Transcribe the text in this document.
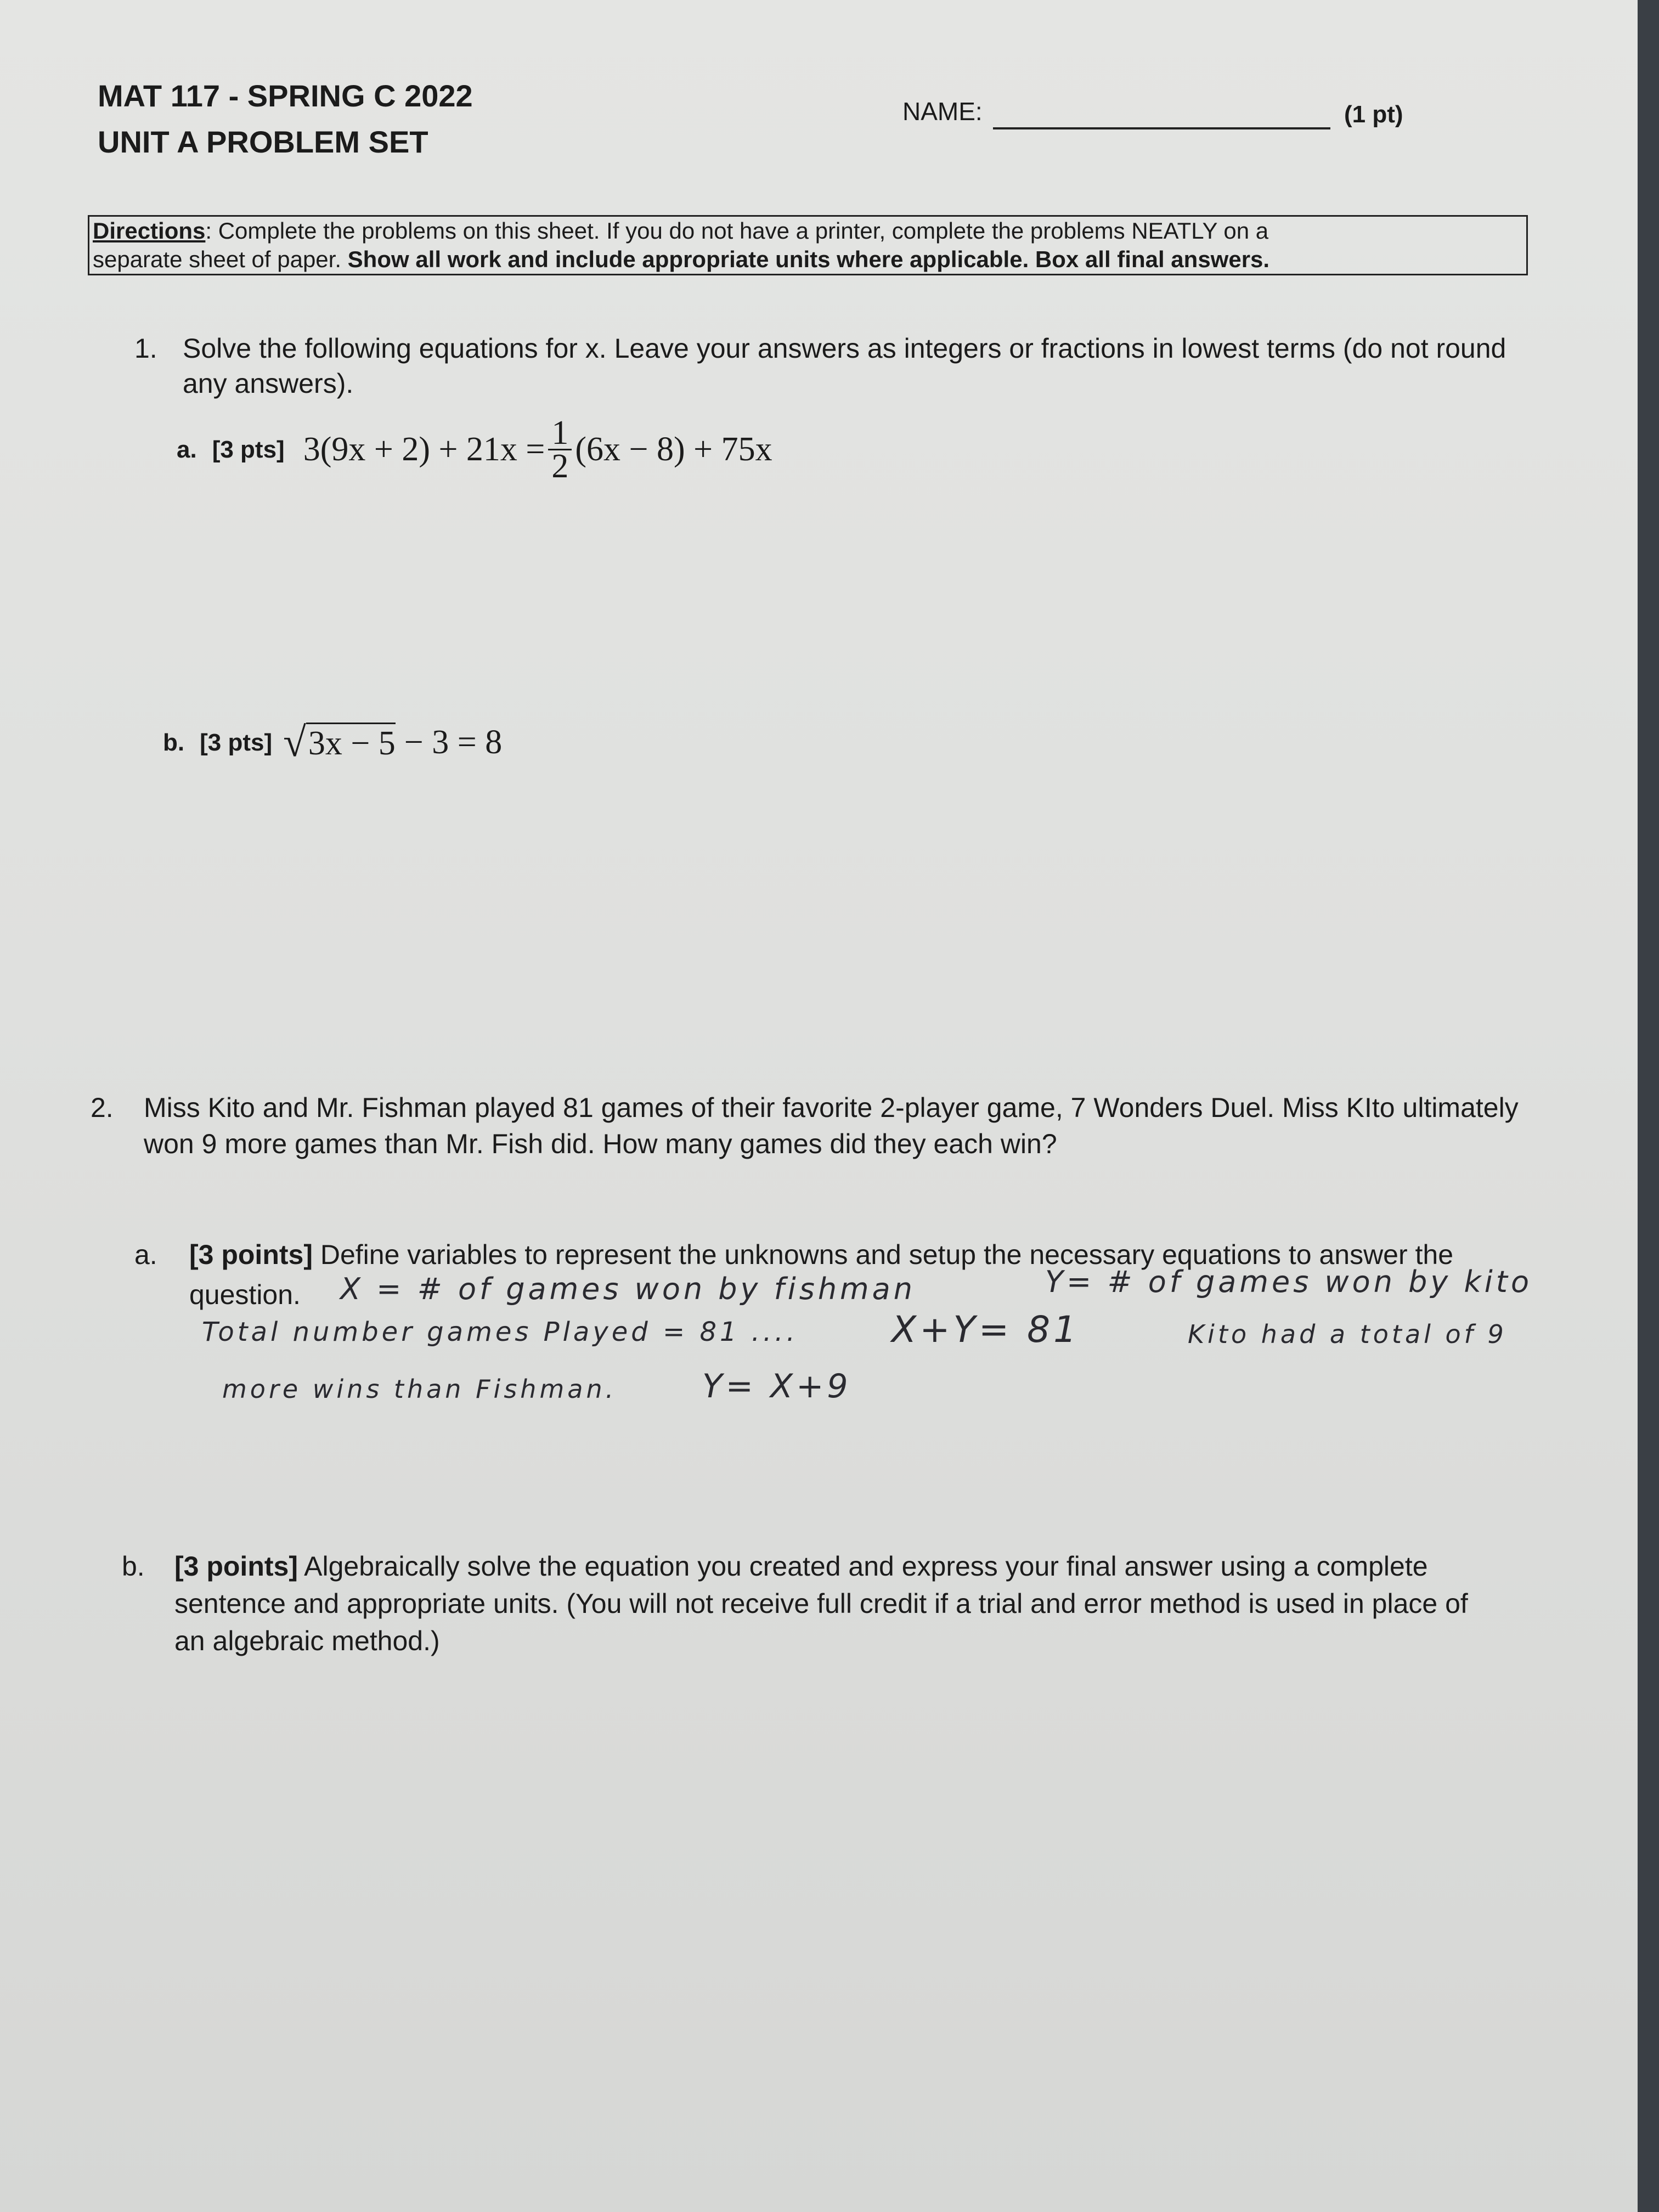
MAT 117 - SPRING C 2022
UNIT A PROBLEM SET
NAME:	(1 pt)
Directions: Complete the problems on this sheet. If you do not have a printer, complete the problems NEATLY on a
separate sheet of paper. Show all work and include appropriate units where applicable. Box all final answers.
1. Solve the following equations for x. Leave your answers as integers or fractions in lowest terms (do not round
any answers).
a. [3 pts] $3(9x + 2) + 21x = \frac{1}{2} (6x - 8) + 75x$
b. [3 pts] √ 3x − 5 − 3 = 8
2. Miss Kito and Mr. Fishman played 81 games of their favorite 2-player game, 7 Wonders Duel. Miss KIto ultimately
won 9 more games than Mr. Fish did. How many games did they each win?
a. [3 points] Define variables to represent the unknowns and setup the necessary equations to answer the
question. X = # of games won by fishman	Y= # of games won by kito
Total number games Played = 81 ....	X+Y= 81	Kito had a total of 9
more wins than Fishman.	Y= X+9
b. [3 points] Algebraically solve the equation you created and express your final answer using a complete
sentence and appropriate units. (You will not receive full credit if a trial and error method is used in place of
an algebraic method.)
